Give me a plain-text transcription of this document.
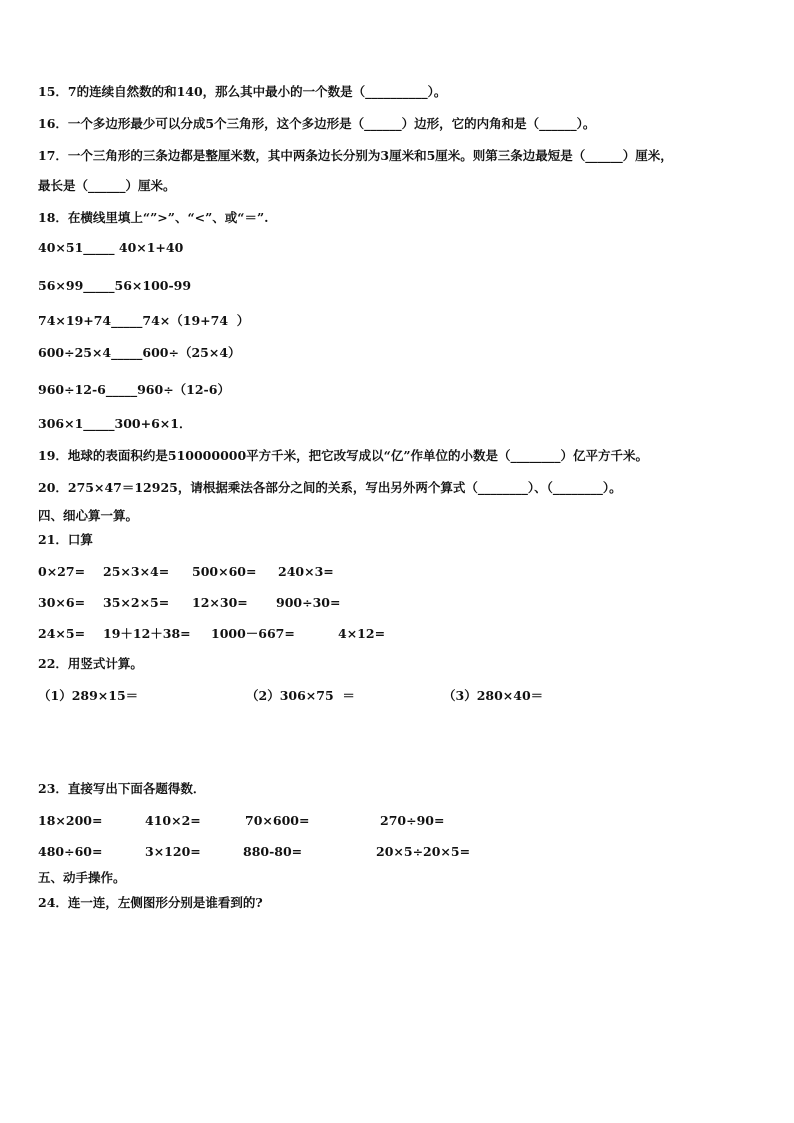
15．7的连续自然数的和140，那么其中最小的一个数是（__________）。
16．一个多边形最少可以分成5个三角形，这个多边形是（______）边形，它的内角和是（______）。
17．一个三角形的三条边都是整厘米数，其中两条边长分别为3厘米和5厘米。则第三条边最短是（______）厘米，
最长是（______）厘米。
18．在横线里填上“”>”、“<”、或“＝”.
40×51_____ 40×1+40
56×99_____56×100-99
74×19+74_____74×（19+74  ）
600÷25×4_____600÷（25×4）
960÷12-6_____960÷（12-6）
306×1_____300+6×1．
19．地球的表面积约是510000000平方千米，把它改写成以“亿”作单位的小数是（________）亿平方千米。
20．275×47＝12925，请根据乘法各部分之间的关系，写出另外两个算式（________）、（________）。
四、细心算一算。
21．口算
0×27= 25×3×4= 500×60= 240×3=
30×6= 35×2×5= 12×30= 900÷30=
24×5= 19＋12＋38= 1000－667=	4×12=
22．用竖式计算。
（1）289×15＝	（2）306×75  ＝	（3）280×40＝
23．直接写出下面各题得数．
18×200=	410×2=	70×600=	270÷90=
480÷60=	3×120=	880-80=	20×5÷20×5=
五、动手操作。
24．连一连，左侧图形分别是谁看到的?
